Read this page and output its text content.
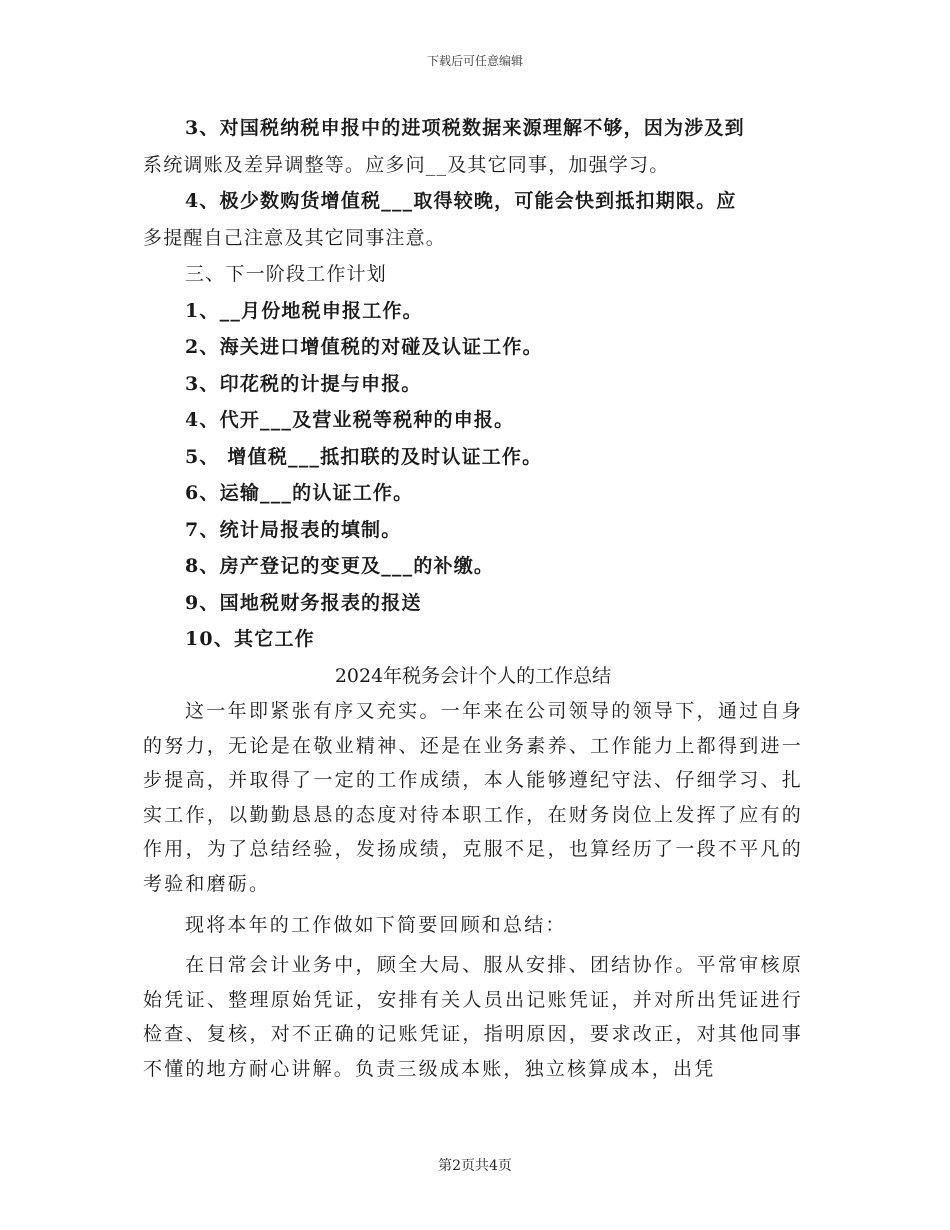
下载后可任意编辑
3、对国税纳税申报中的进项税数据来源理解不够，因为涉及到
系统调账及差异调整等。应多问__及其它同事，加强学习。
4、极少数购货增值税___取得较晚，可能会快到抵扣期限。应
多提醒自己注意及其它同事注意。
三、下一阶段工作计划
1、__月份地税申报工作。
2、海关进口增值税的对碰及认证工作。
3、印花税的计提与申报。
4、代开___及营业税等税种的申报。
5、 增值税___抵扣联的及时认证工作。
6、运输___的认证工作。
7、统计局报表的填制。
8、房产登记的变更及___的补缴。
9、国地税财务报表的报送
10、其它工作
2024年税务会计个人的工作总结

这一年即紧张有序又充实。一年来在公司领导的领导下，通过自身的努力，无论是在敬业精神、还是在业务素养、工作能力上都得到进一步提高，并取得了一定的工作成绩，本人能够遵纪守法、仔细学习、扎实工作，以勤勤恳恳的态度对待本职工作，在财务岗位上发挥了应有的作用，为了总结经验，发扬成绩，克服不足，也算经历了一段不平凡的考验和磨砺。

现将本年的工作做如下简要回顾和总结：

在日常会计业务中，顾全大局、服从安排、团结协作。平常审核原始凭证、整理原始凭证，安排有关人员出记账凭证，并对所出凭证进行检查、复核，对不正确的记账凭证，指明原因，要求改正，对其他同事不懂的地方耐心讲解。负责三级成本账，独立核算成本，出凭

第2页共4页
